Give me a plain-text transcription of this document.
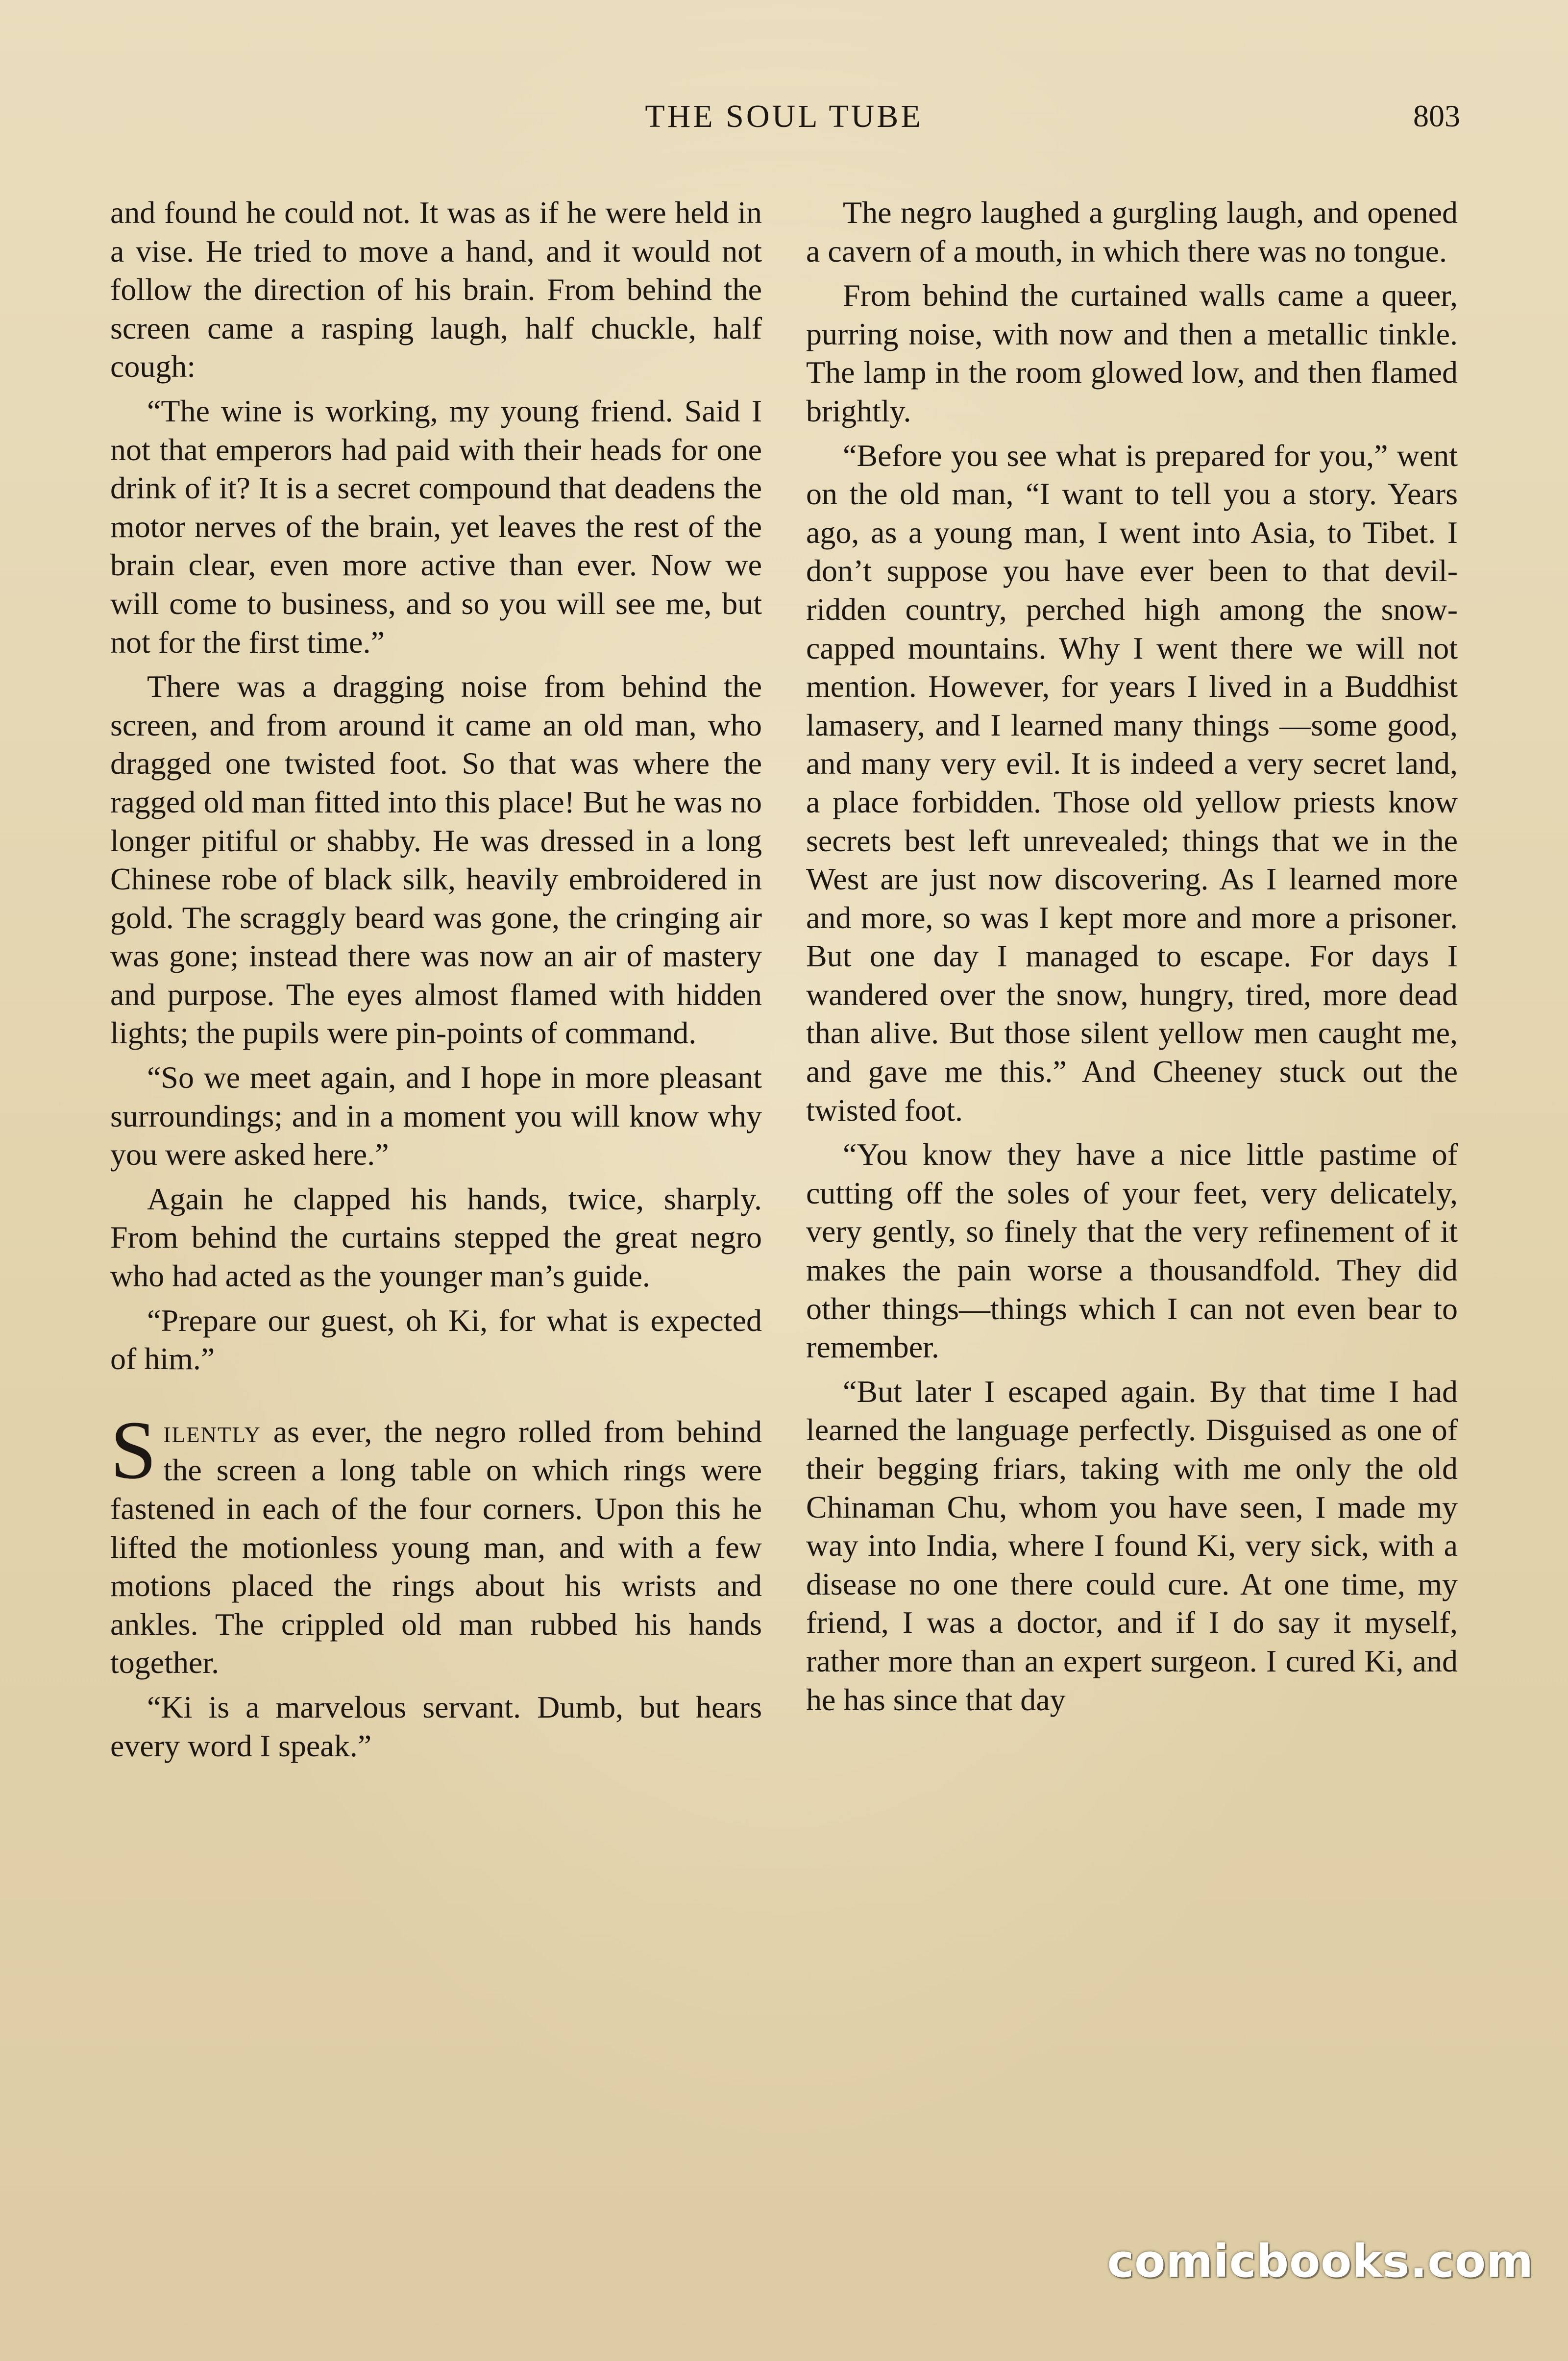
THE SOUL TUBE	803

and found he could not. It was as if he were held in a vise. He tried to move a hand, and it would not follow the direction of his brain. From behind the screen came a rasping laugh, half chuckle, half cough:

“The wine is working, my young friend. Said I not that emperors had paid with their heads for one drink of it? It is a secret compound that deadens the motor nerves of the brain, yet leaves the rest of the brain clear, even more active than ever. Now we will come to business, and so you will see me, but not for the first time.”

There was a dragging noise from behind the screen, and from around it came an old man, who dragged one twisted foot. So that was where the ragged old man fitted into this place! But he was no longer pitiful or shabby. He was dressed in a long Chinese robe of black silk, heavily embroidered in gold. The scraggly beard was gone, the cringing air was gone; instead there was now an air of mastery and purpose. The eyes almost flamed with hidden lights; the pupils were pin-points of command.

“So we meet again, and I hope in more pleasant surroundings; and in a moment you will know why you were asked here.”

Again he clapped his hands, twice, sharply. From behind the curtains stepped the great negro who had acted as the younger man’s guide.

“Prepare our guest, oh Ki, for what is expected of him.”

Silently as ever, the negro rolled from behind the screen a long table on which rings were fastened in each of the four corners. Upon this he lifted the motionless young man, and with a few motions placed the rings about his wrists and ankles. The crippled old man rubbed his hands together.

“Ki is a marvelous servant. Dumb, but hears every word I speak.”

The negro laughed a gurgling laugh, and opened a cavern of a mouth, in which there was no tongue.

From behind the curtained walls came a queer, purring noise, with now and then a metallic tinkle. The lamp in the room glowed low, and then flamed brightly.

“Before you see what is prepared for you,” went on the old man, “I want to tell you a story. Years ago, as a young man, I went into Asia, to Tibet. I don’t suppose you have ever been to that devil-ridden country, perched high among the snow-capped mountains. Why I went there we will not mention. However, for years I lived in a Buddhist lamasery, and I learned many things —some good, and many very evil. It is indeed a very secret land, a place forbidden. Those old yellow priests know secrets best left unrevealed; things that we in the West are just now discovering. As I learned more and more, so was I kept more and more a prisoner. But one day I managed to escape. For days I wandered over the snow, hungry, tired, more dead than alive. But those silent yellow men caught me, and gave me this.” And Cheeney stuck out the twisted foot.

“You know they have a nice little pastime of cutting off the soles of your feet, very delicately, very gently, so finely that the very refinement of it makes the pain worse a thousandfold. They did other things—things which I can not even bear to remember.

“But later I escaped again. By that time I had learned the language perfectly. Disguised as one of their begging friars, taking with me only the old Chinaman Chu, whom you have seen, I made my way into India, where I found Ki, very sick, with a disease no one there could cure. At one time, my friend, I was a doctor, and if I do say it myself, rather more than an expert surgeon. I cured Ki, and he has since that day

comicbooks.com
